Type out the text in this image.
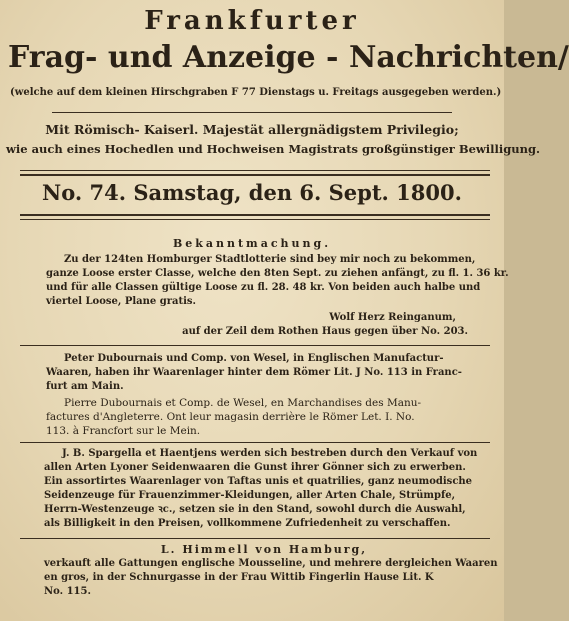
Frankfurter
Frag- und Anzeige - Nachrichten/
(welche auf dem kleinen Hirschgraben F 77 Dienstags u. Freitags ausgegeben werden.)
Mit Römisch- Kaiserl. Majestät allergnädigstem Privilegio;
wie auch eines Hochedlen und Hochweisen Magistrats großgünstiger Bewilligung.
No. 74. Samstag, den 6. Sept. 1800.
Bekanntmachung.
Zu der 124ten Homburger Stadtlotterie sind bey mir noch zu bekommen,
ganze Loose erster Classe, welche den 8ten Sept. zu ziehen anfängt, zu fl. 1. 36 kr.
und für alle Classen gültige Loose zu fl. 28. 48 kr. Von beiden auch halbe und
viertel Loose, Plane gratis.
Wolf Herz Reinganum,
auf der Zeil dem Rothen Haus gegen über No. 203.
Peter Dubournais und Comp. von Wesel, in Englischen Manufactur-
Waaren, haben ihr Waarenlager hinter dem Römer Lit. J No. 113 in Franc-
furt am Main.
Pierre Dubournais et Comp. de Wesel, en Marchandises des Manu-
factures d'Angleterre. Ont leur magasin derrière le Römer Let. I. No.
113. à Francfort sur le Mein.
J. B. Spargella et Haentjens werden sich bestreben durch den Verkauf von
allen Arten Lyoner Seidenwaaren die Gunst ihrer Gönner sich zu erwerben.
Ein assortirtes Waarenlager von Taftas unis et quatrilies, ganz neumodische
Seidenzeuge für Frauenzimmer-Kleidungen, aller Arten Chale, Strümpfe,
Herrn-Westenzeuge ꝛc., setzen sie in den Stand, sowohl durch die Auswahl,
als Billigkeit in den Preisen, vollkommene Zufriedenheit zu verschaffen.
L. Himmell von Hamburg,
verkauft alle Gattungen englische Mousseline, und mehrere dergleichen Waaren
en gros, in der Schnurgasse in der Frau Wittib Fingerlin Hause Lit. K
No. 115.
